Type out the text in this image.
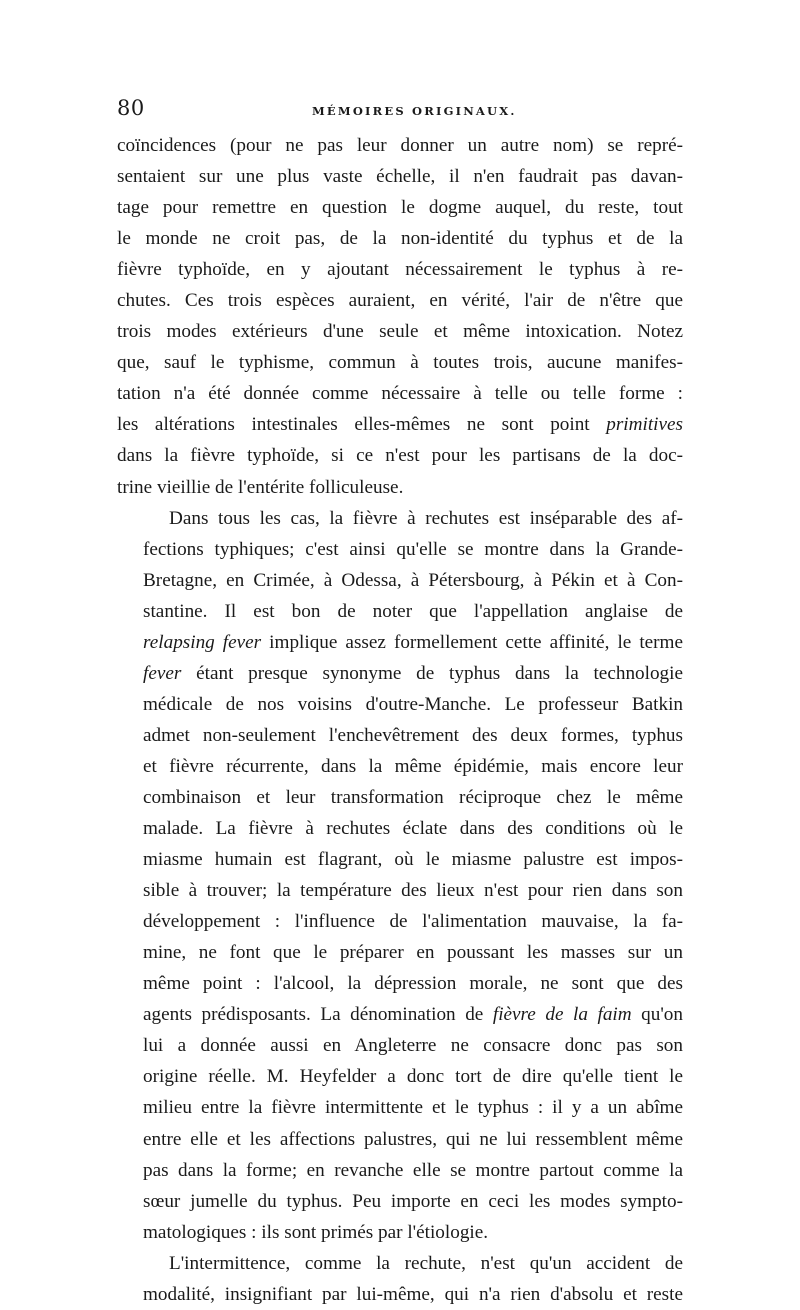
80	MÉMOIRES ORIGINAUX.

coïncidences (pour ne pas leur donner un autre nom) se repré-
sentaient sur une plus vaste échelle, il n'en faudrait pas davan-
tage pour remettre en question le dogme auquel, du reste, tout
le monde ne croit pas, de la non-identité du typhus et de la
fièvre typhoïde, en y ajoutant nécessairement le typhus à re-
chutes. Ces trois espèces auraient, en vérité, l'air de n'être que
trois modes extérieurs d'une seule et même intoxication. Notez
que, sauf le typhisme, commun à toutes trois, aucune manifes-
tation n'a été donnée comme nécessaire à telle ou telle forme :
les altérations intestinales elles-mêmes ne sont point primitives
dans la fièvre typhoïde, si ce n'est pour les partisans de la doc-
trine vieillie de l'entérite folliculeuse.

Dans tous les cas, la fièvre à rechutes est inséparable des af-
fections typhiques; c'est ainsi qu'elle se montre dans la Grande-
Bretagne, en Crimée, à Odessa, à Pétersbourg, à Pékin et à Con-
stantine. Il est bon de noter que l'appellation anglaise de
relapsing fever implique assez formellement cette affinité, le terme
fever étant presque synonyme de typhus dans la technologie
médicale de nos voisins d'outre-Manche. Le professeur Batkin
admet non-seulement l'enchevêtrement des deux formes, typhus
et fièvre récurrente, dans la même épidémie, mais encore leur
combinaison et leur transformation réciproque chez le même
malade. La fièvre à rechutes éclate dans des conditions où le
miasme humain est flagrant, où le miasme palustre est impos-
sible à trouver; la température des lieux n'est pour rien dans son
développement : l'influence de l'alimentation mauvaise, la fa-
mine, ne font que le préparer en poussant les masses sur un
même point : l'alcool, la dépression morale, ne sont que des
agents prédisposants. La dénomination de fièvre de la faim qu'on
lui a donnée aussi en Angleterre ne consacre donc pas son
origine réelle. M. Heyfelder a donc tort de dire qu'elle tient le
milieu entre la fièvre intermittente et le typhus : il y a un abîme
entre elle et les affections palustres, qui ne lui ressemblent même
pas dans la forme; en revanche elle se montre partout comme la
sœur jumelle du typhus. Peu importe en ceci les modes sympto-
matologiques : ils sont primés par l'étiologie.

L'intermittence, comme la rechute, n'est qu'un accident de
modalité, insignifiant par lui-même, qui n'a rien d'absolu et reste
